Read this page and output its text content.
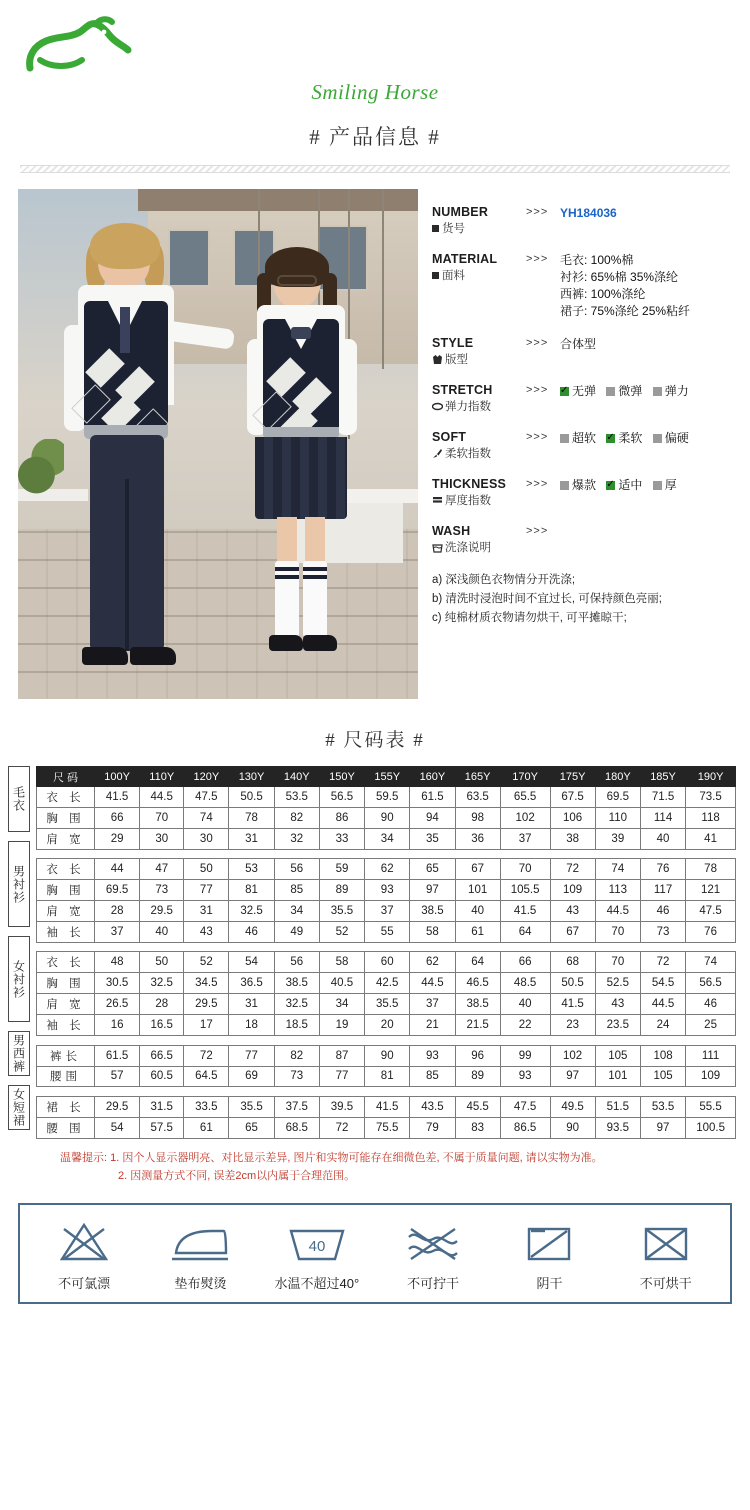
Smiling Horse
# 产品信息 #
NUMBER
货号
>>> YH184036
MATERIAL
面料
>>> 毛衣: 100%棉
衬衫: 65%棉 35%涤纶
西裤: 100%涤纶
裙子: 75%涤纶 25%粘纤
STYLE
版型
>>> 合体型
STRETCH
弹力指数
>>> ✓	无弹 微弹 弹力
SOFT
柔软指数
>>>	超软 ✓ 柔软 偏硬
THICKNESS
厚度指数
>>>	爆款 ✓ 适中 厚
WASH
洗涤说明
>>>
a) 深浅颜色衣物情分开洗涤;
b) 清洗时浸泡时间不宜过长, 可保持颜色亮丽;
c) 纯棉材质衣物请勿烘干, 可平摊晾干;
# 尺码表 #
毛衣
男衬衫
女衬衫
男西裤
女短裙
尺 码	100Y	110Y	120Y	130Y	140Y	150Y	155Y	160Y	165Y	170Y	175Y	180Y	185Y	190Y
衣 长	41.5	44.5	47.5	50.5	53.5	56.5	59.5	61.5	63.5	65.5	67.5	69.5	71.5	73.5
胸 围	66	70	74	78	82	86	90	94	98	102	106	110	114	118
肩 宽	29	30	30	31	32	33	34	35	36	37	38	39	40	41

衣 长	44	47	50	53	56	59	62	65	67	70	72	74	76	78
胸 围	69.5	73	77	81	85	89	93	97	101	105.5	109	113	117	121
肩 宽	28	29.5	31	32.5	34	35.5	37	38.5	40	41.5	43	44.5	46	47.5
袖 长	37	40	43	46	49	52	55	58	61	64	67	70	73	76

衣 长	48	50	52	54	56	58	60	62	64	66	68	70	72	74
胸 围	30.5	32.5	34.5	36.5	38.5	40.5	42.5	44.5	46.5	48.5	50.5	52.5	54.5	56.5
肩 宽	26.5	28	29.5	31	32.5	34	35.5	37	38.5	40	41.5	43	44.5	46
袖 长	16	16.5	17	18	18.5	19	20	21	21.5	22	23	23.5	24	25

裤长	61.5	66.5	72	77	82	87	90	93	96	99	102	105	108	111
腰围	57	60.5	64.5	69	73	77	81	85	89	93	97	101	105	109

裙 长	29.5	31.5	33.5	35.5	37.5	39.5	41.5	43.5	45.5	47.5	49.5	51.5	53.5	55.5
腰 围	54	57.5	61	65	68.5	72	75.5	79	83	86.5	90	93.5	97	100.5
温馨提示: 1. 因个人显示器明亮、对比显示差异, 图片和实物可能存在细微色差, 不属于质量问题, 请以实物为准。
2. 因测量方式不同, 误差2cm以内属于合理范围。
不可氯漂	垫布熨烫
40
水温不超过40°	不可拧干	阴干	不可烘干
